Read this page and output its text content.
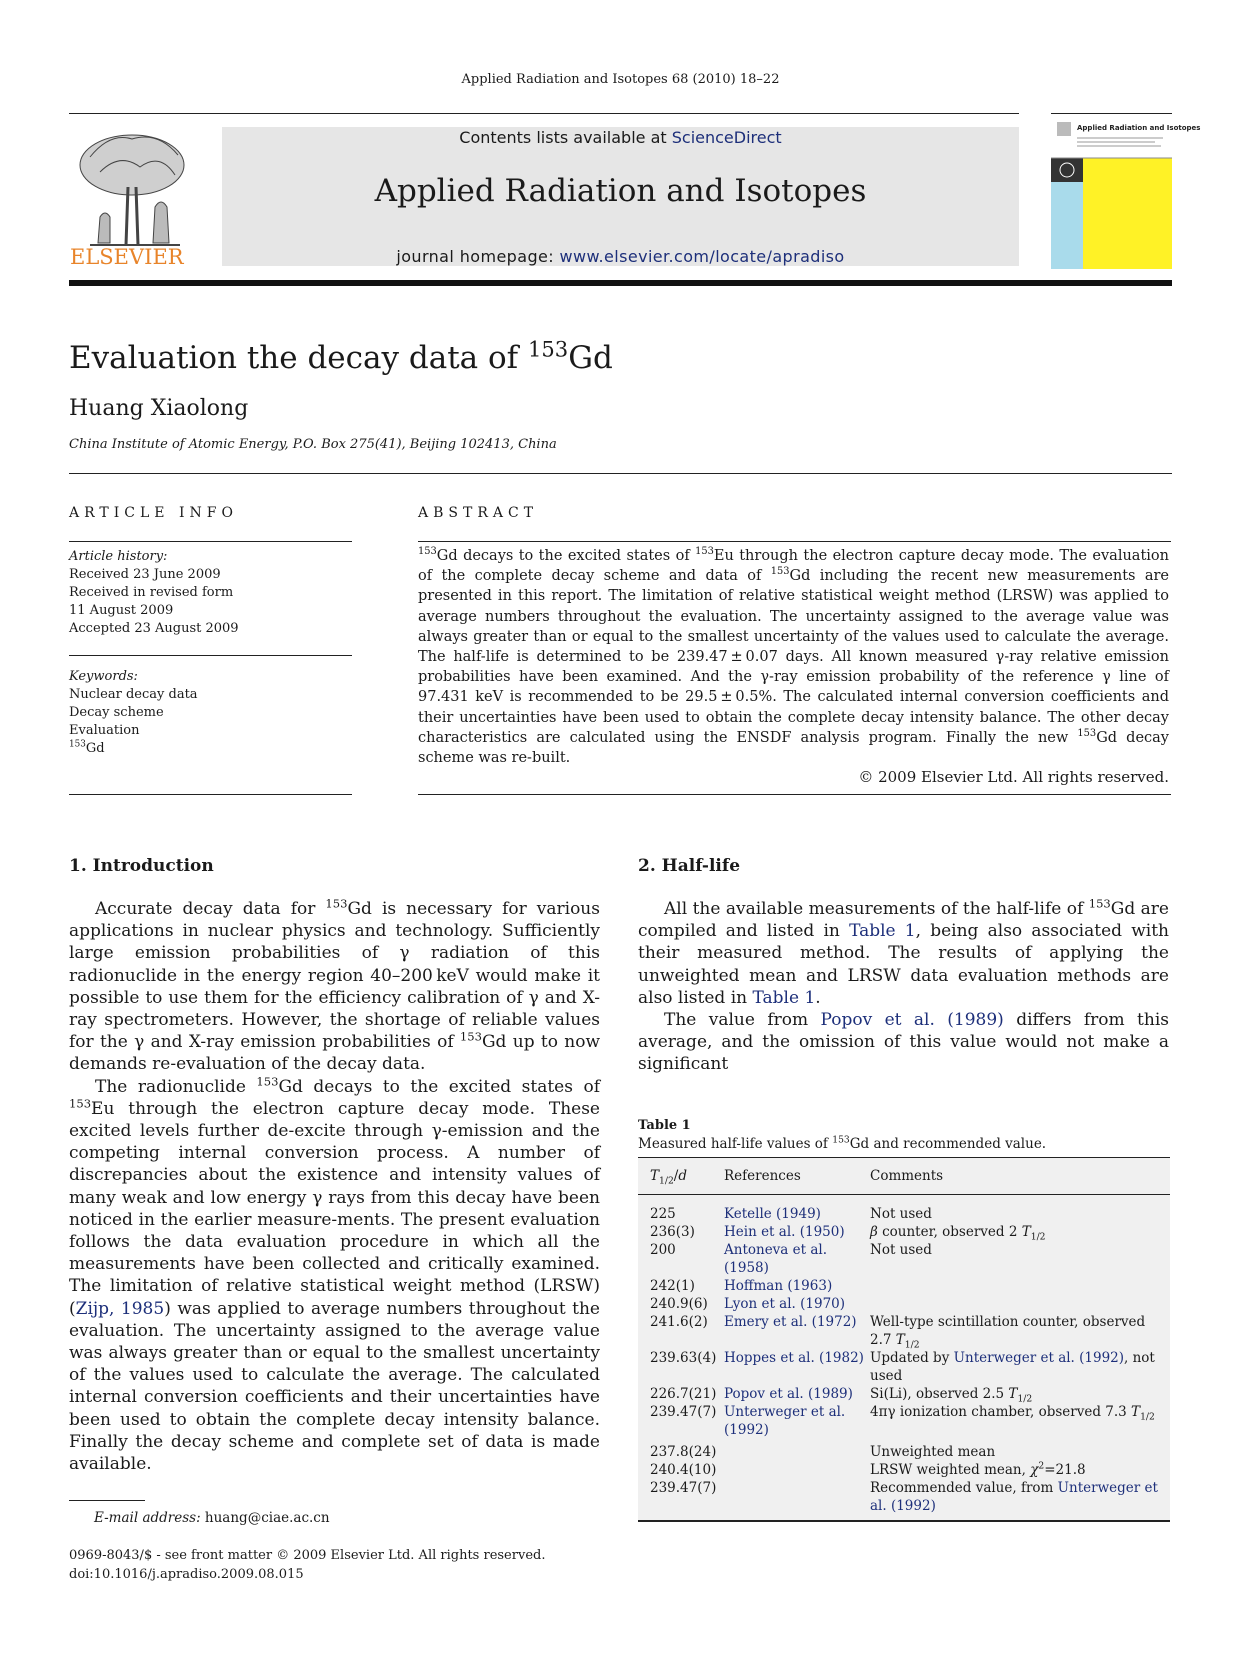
Applied Radiation and Isotopes 68 (2010) 18–22
ELSEVIER
Contents lists available at ScienceDirect
Applied Radiation and Isotopes
journal homepage: www.elsevier.com/locate/apradiso
Applied Radiation and Isotopes
Evaluation the decay data of $^{153}$Gd
Huang Xiaolong
China Institute of Atomic Energy, P.O. Box 275(41), Beijing 102413, China
ARTICLE INFO
Article history:
Received 23 June 2009
Received in revised form
11 August 2009
Accepted 23 August 2009
Keywords:
Nuclear decay data
Decay scheme
Evaluation
$^{153}$Gd
ABSTRACT
$^{153}$Gd decays to the excited states of $^{153}$Eu through the electron capture decay mode. The evaluation of the complete decay scheme and data of $^{153}$Gd including the recent new measurements are presented in this report. The limitation of relative statistical weight method (LRSW) was applied to average numbers throughout the evaluation. The uncertainty assigned to the average value was always greater than or equal to the smallest uncertainty of the values used to calculate the average. The half-life is determined to be 239.47 ± 0.07 days. All known measured γ-ray relative emission probabilities have been examined. And the γ-ray emission probability of the reference γ line of 97.431 keV is recommended to be 29.5 ± 0.5%. The calculated internal conversion coefficients and their uncertainties have been used to obtain the complete decay intensity balance. The other decay characteristics are calculated using the ENSDF analysis program. Finally the new $^{153}$Gd decay scheme was re-built.
© 2009 Elsevier Ltd. All rights reserved.
1. Introduction

Accurate decay data for $^{153}$Gd is necessary for various applications in nuclear physics and technology. Sufficiently large emission probabilities of γ radiation of this radionuclide in the energy region 40–200 keV would make it possible to use them for the efficiency calibration of γ and X-ray spectrometers. However, the shortage of reliable values for the γ and X-ray emission probabilities of $^{153}$Gd up to now demands re-evaluation of the decay data.

The radionuclide $^{153}$Gd decays to the excited states of $^{153}$Eu through the electron capture decay mode. These excited levels further de-excite through γ-emission and the competing internal conversion process. A number of discrepancies about the existence and intensity values of many weak and low energy γ rays from this decay have been noticed in the earlier measure-ments. The present evaluation follows the data evaluation procedure in which all the measurements have been collected and critically examined. The limitation of relative statistical weight method (LRSW) (Zijp, 1985) was applied to average numbers throughout the evaluation. The uncertainty assigned to the average value was always greater than or equal to the smallest uncertainty of the values used to calculate the average. The calculated internal conversion coefficients and their uncertainties have been used to obtain the complete decay intensity balance. Finally the decay scheme and complete set of data is made available.

2. Half-life

All the available measurements of the half-life of $^{153}$Gd are compiled and listed in Table 1, being also associated with their measured method. The results of applying the unweighted mean and LRSW data evaluation methods are also listed in Table 1.

The value from Popov et al. (1989) differs from this average, and the omission of this value would not make a significant

Table 1
Measured half-life values of $^{153}$Gd and recommended value.
$T_{1/2}/d$	References	Comments
225	Ketelle (1949)	Not used
236(3)	Hein et al. (1950)	β counter, observed 2 $T_{1/2}$
200	Antoneva et al. (1958)	Not used
242(1)	Hoffman (1963)	
240.9(6)	Lyon et al. (1970)	
241.6(2)	Emery et al. (1972)	Well-type scintillation counter, observed 2.7 $T_{1/2}$
239.63(4)	Hoppes et al. (1982)	Updated by Unterweger et al. (1992), not used
226.7(21)	Popov et al. (1989)	Si(Li), observed 2.5 $T_{1/2}$
239.47(7)	Unterweger et al. (1992)	4πγ ionization chamber, observed 7.3 $T_{1/2}$
237.8(24)		Unweighted mean
240.4(10)		LRSW weighted mean, $\chi^2=21.8$
239.47(7)		Recommended value, from Unterweger et al. (1992)
E-mail address: huang@ciae.ac.cn
0969-8043/$ - see front matter © 2009 Elsevier Ltd. All rights reserved.
doi:10.1016/j.apradiso.2009.08.015
